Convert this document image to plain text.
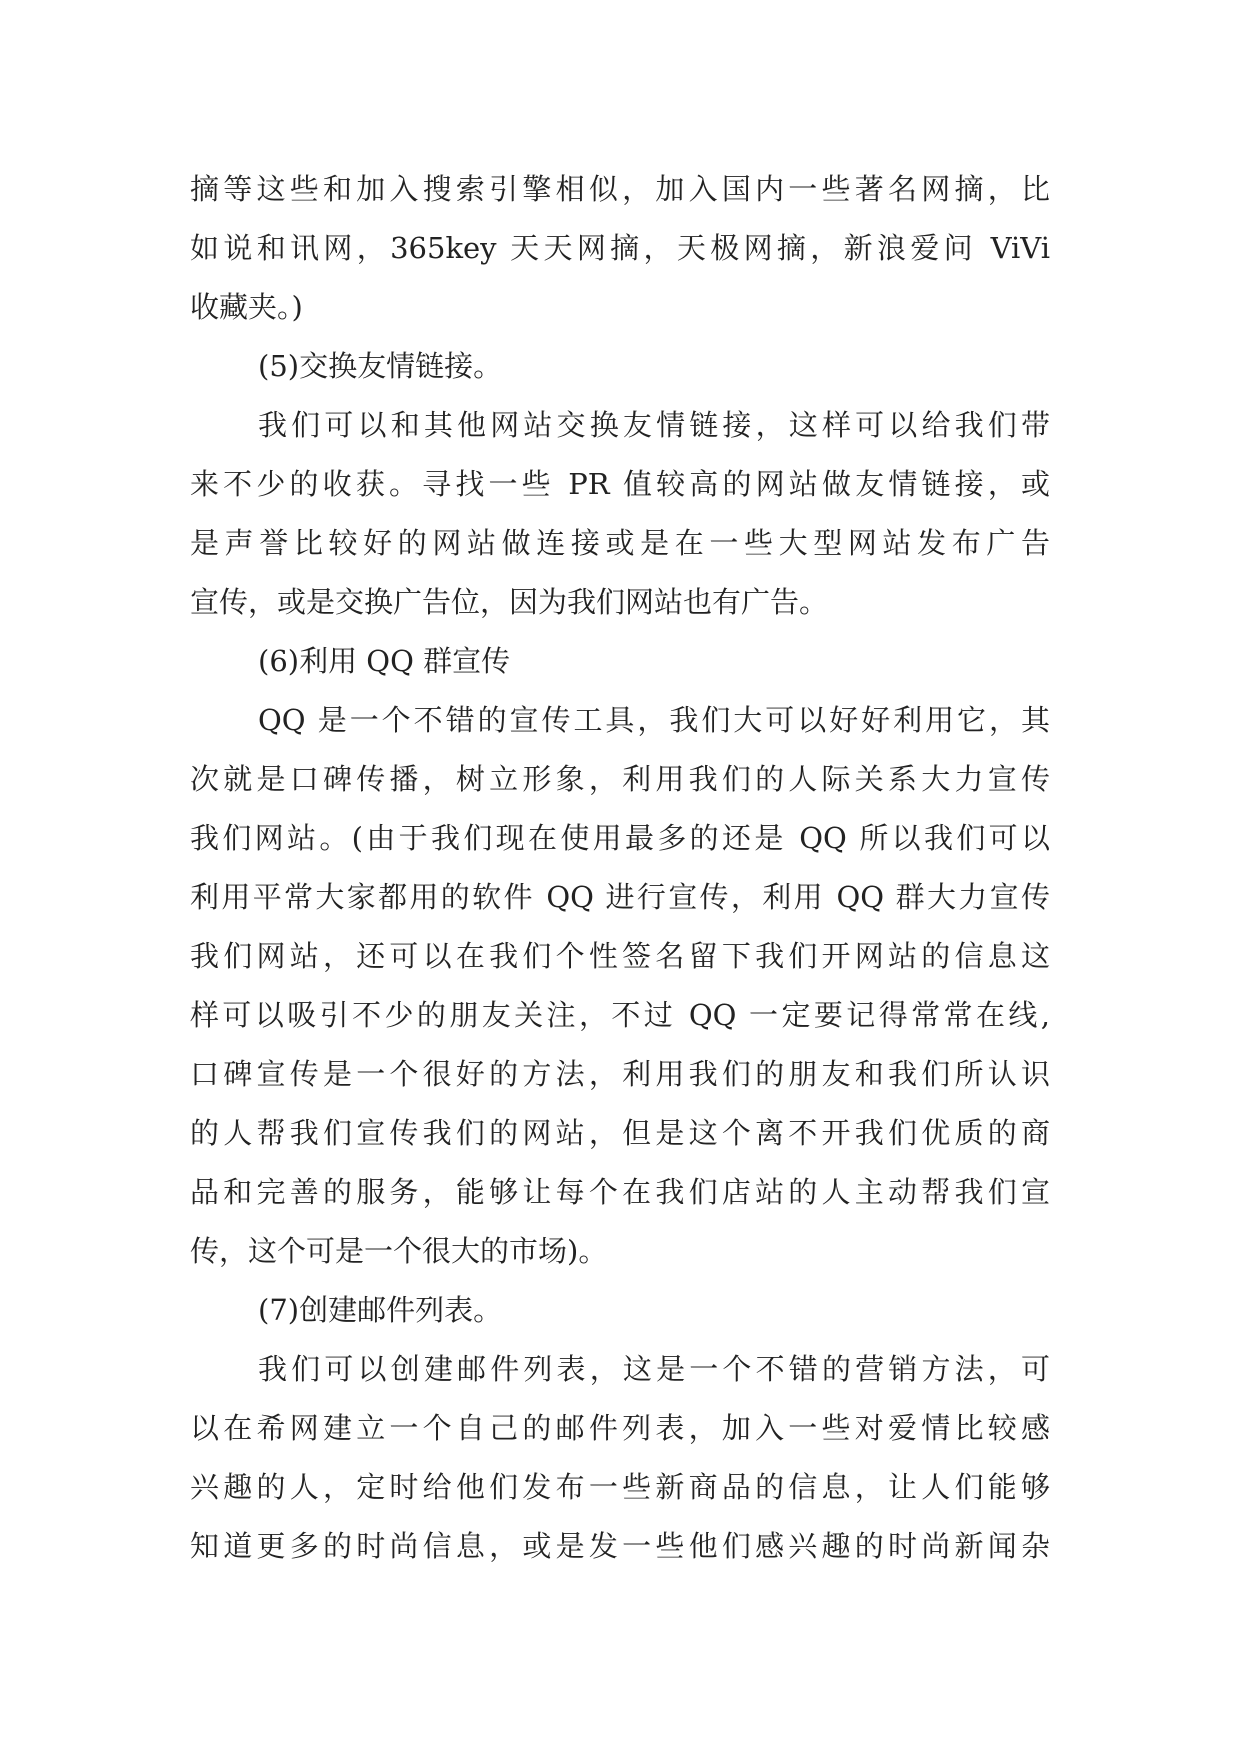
摘等这些和加入搜索引擎相似，加入国内一些著名网摘，比
如说和讯网，365key 天天网摘，天极网摘，新浪爱问 ViVi
收藏夹。)
(5)交换友情链接。
我们可以和其他网站交换友情链接，这样可以给我们带
来不少的收获。寻找一些 PR 值较高的网站做友情链接，或
是声誉比较好的网站做连接或是在一些大型网站发布广告
宣传，或是交换广告位，因为我们网站也有广告。
(6)利用 QQ 群宣传
QQ 是一个不错的宣传工具，我们大可以好好利用它，其
次就是口碑传播，树立形象，利用我们的人际关系大力宣传
我们网站。(由于我们现在使用最多的还是 QQ 所以我们可以
利用平常大家都用的软件 QQ 进行宣传，利用 QQ 群大力宣传
我们网站，还可以在我们个性签名留下我们开网站的信息这
样可以吸引不少的朋友关注，不过 QQ 一定要记得常常在线,
口碑宣传是一个很好的方法，利用我们的朋友和我们所认识
的人帮我们宣传我们的网站，但是这个离不开我们优质的商
品和完善的服务，能够让每个在我们店站的人主动帮我们宣
传，这个可是一个很大的市场)。
(7)创建邮件列表。
我们可以创建邮件列表，这是一个不错的营销方法，可
以在希网建立一个自己的邮件列表，加入一些对爱情比较感
兴趣的人，定时给他们发布一些新商品的信息，让人们能够
知道更多的时尚信息，或是发一些他们感兴趣的时尚新闻杂
